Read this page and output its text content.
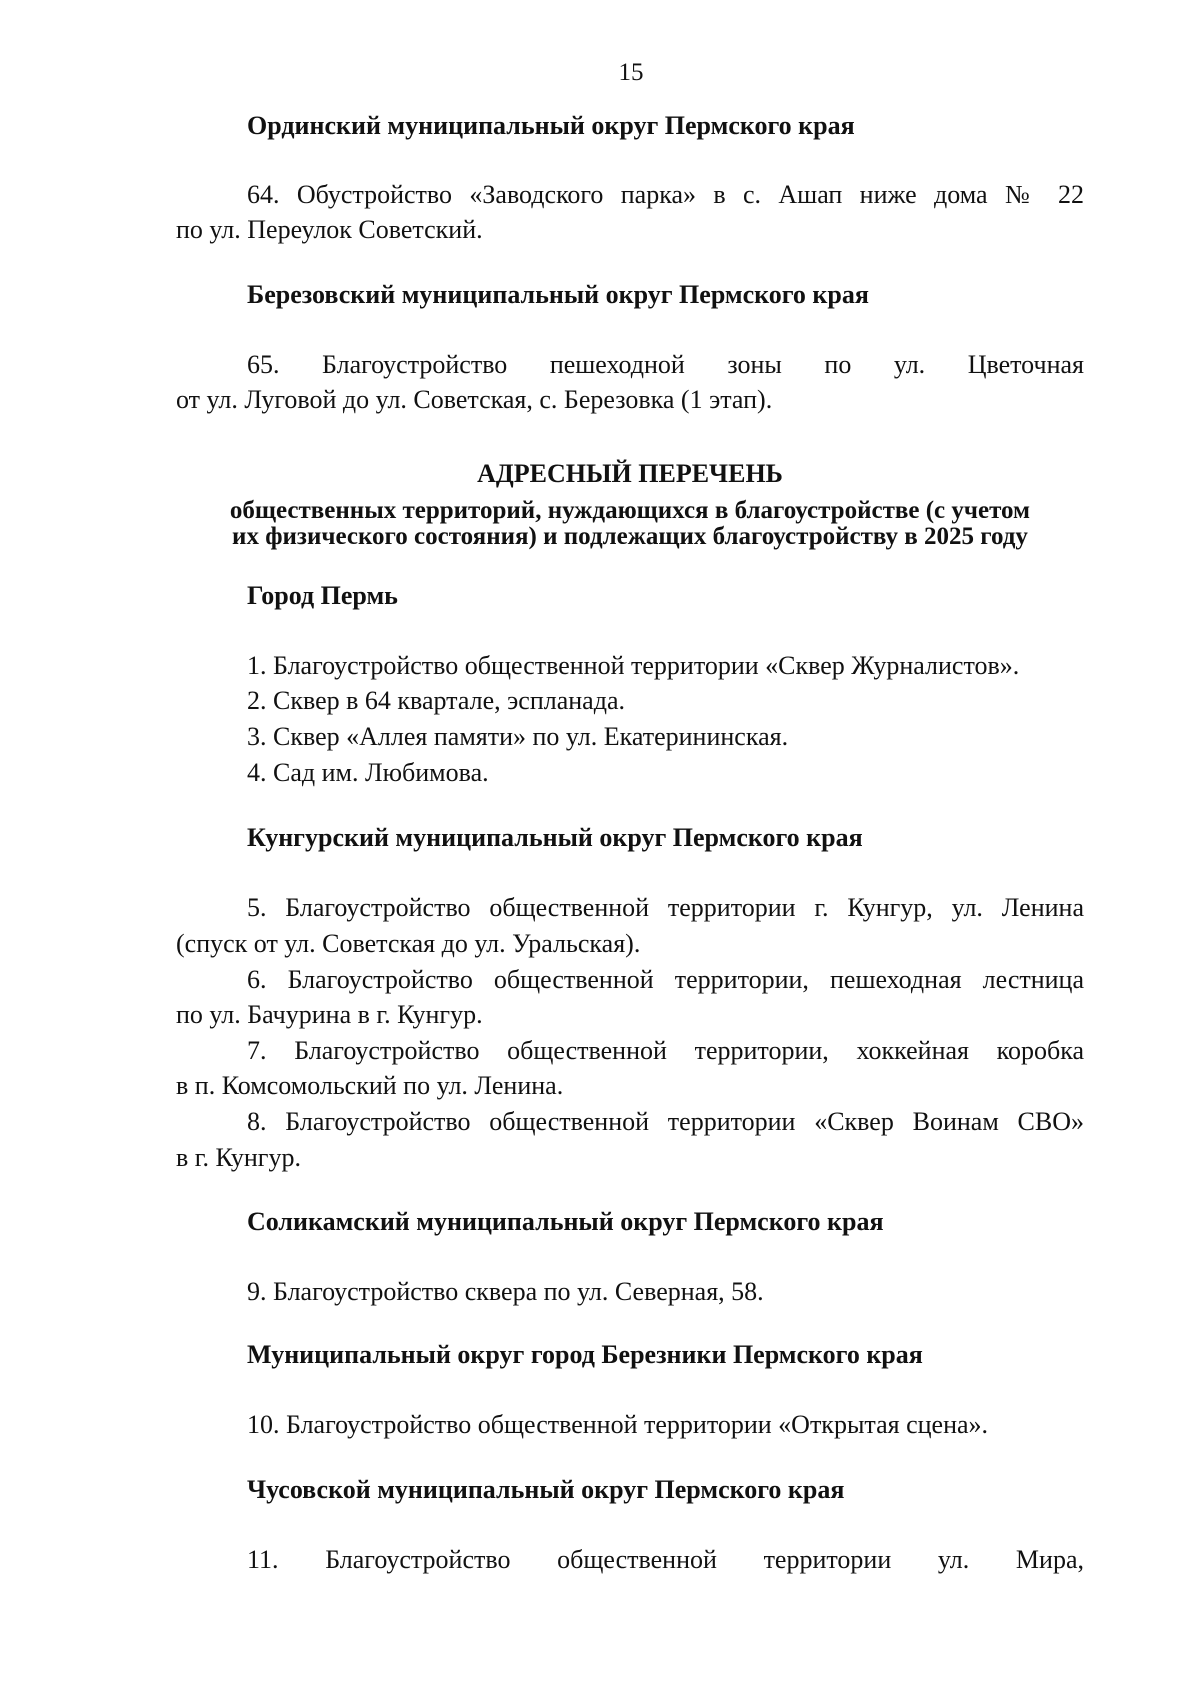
15
Ординский муниципальный округ Пермского края
64. Обустройство «Заводского парка» в с. Ашап ниже дома № 22
по ул. Переулок Советский.
Березовский муниципальный округ Пермского края
65. Благоустройство пешеходной зоны по ул. Цветочная
от ул. Луговой до ул. Советская, с. Березовка (1 этап).
АДРЕСНЫЙ ПЕРЕЧЕНЬ
общественных территорий, нуждающихся в благоустройстве (с учетом
их физического состояния) и подлежащих благоустройству в 2025 году
Город Пермь
1. Благоустройство общественной территории «Сквер Журналистов».
2. Сквер в 64 квартале, эспланада.
3. Сквер «Аллея памяти» по ул. Екатерининская.
4. Сад им. Любимова.
Кунгурский муниципальный округ Пермского края
5. Благоустройство общественной территории г. Кунгур, ул. Ленина
(спуск от ул. Советская до ул. Уральская).
6. Благоустройство общественной территории, пешеходная лестница
по ул. Бачурина в г. Кунгур.
7. Благоустройство общественной территории, хоккейная коробка
в п. Комсомольский по ул. Ленина.
8. Благоустройство общественной территории «Сквер Воинам СВО»
в г. Кунгур.
Соликамский муниципальный округ Пермского края
9. Благоустройство сквера по ул. Северная, 58.
Муниципальный округ город Березники Пермского края
10. Благоустройство общественной территории «Открытая сцена».
Чусовской муниципальный округ Пермского края
11. Благоустройство общественной территории ул. Мира,
